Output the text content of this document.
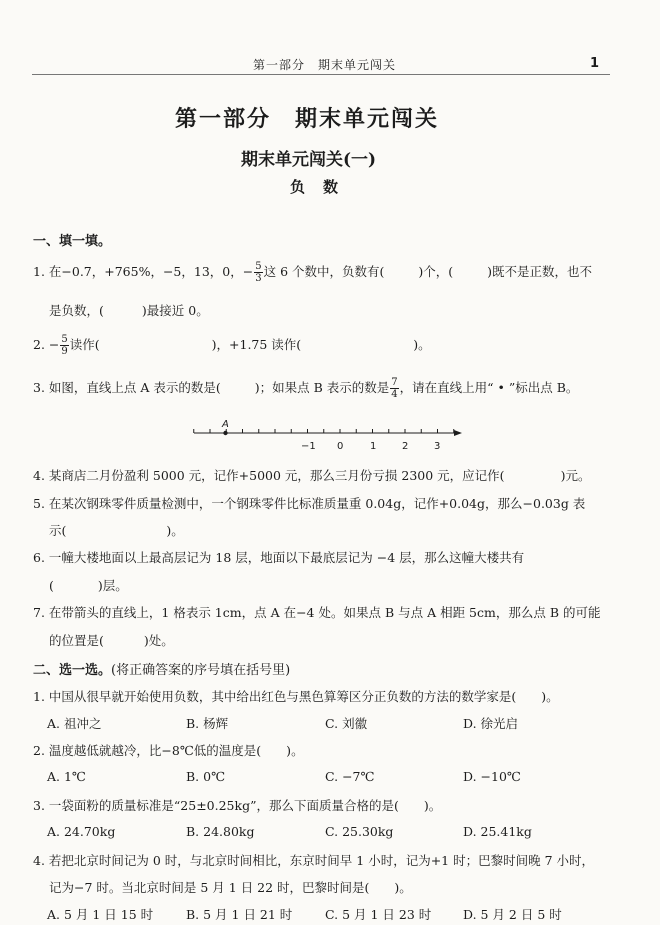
第一部分　期末单元闯关	1
第一部分　期末单元闯关
期末单元闯关(一)
负数
一、填一填。
1. 在−0.7，+765%，−5，13，0，− $\frac{5}{3}$ 这 6 个数中，负数有(	)个，(	)既不是正数，也不
是负数，(	)最接近 0。
2. − $\frac{5}{9}$ 读作(	)，+1.75 读作(	)。
3. 如图，直线上点 A 表示的数是(	)；如果点 B 表示的数是 $\frac{7}{4}$ ，请在直线上用“ • ”标出点 B。
A
−1 0	1	2	3
4. 某商店二月份盈利 5000 元，记作+5000 元，那么三月份亏损 2300 元，应记作(	)元。
5. 在某次钢珠零件质量检测中，一个钢珠零件比标准质量重 0.04g，记作+0.04g，那么−0.03g 表
示(	)。
6. 一幢大楼地面以上最高层记为 18 层，地面以下最底层记为 −4 层，那么这幢大楼共有
(	)层。
7. 在带箭头的直线上，1 格表示 1cm，点 A 在−4 处。如果点 B 与点 A 相距 5cm，那么点 B 的可能
的位置是(	)处。
二、选一选。(将正确答案的序号填在括号里)
1. 中国从很早就开始使用负数，其中给出红色与黑色算筹区分正负数的方法的数学家是(　　)。
A. 祖冲之	B. 杨辉	C. 刘徽	D. 徐光启
2. 温度越低就越冷，比−8℃低的温度是(　　)。
A. 1℃	B. 0℃	C. −7℃	D. −10℃
3. 一袋面粉的质量标准是“25±0.25kg”，那么下面质量合格的是(　　)。
A. 24.70kg	B. 24.80kg	C. 25.30kg	D. 25.41kg
4. 若把北京时间记为 0 时，与北京时间相比，东京时间早 1 小时，记为+1 时；巴黎时间晚 7 小时，
记为−7 时。当北京时间是 5 月 1 日 22 时，巴黎时间是(　　)。
A. 5 月 1 日 15 时	B. 5 月 1 日 21 时	C. 5 月 1 日 23 时	D. 5 月 2 日 5 时
